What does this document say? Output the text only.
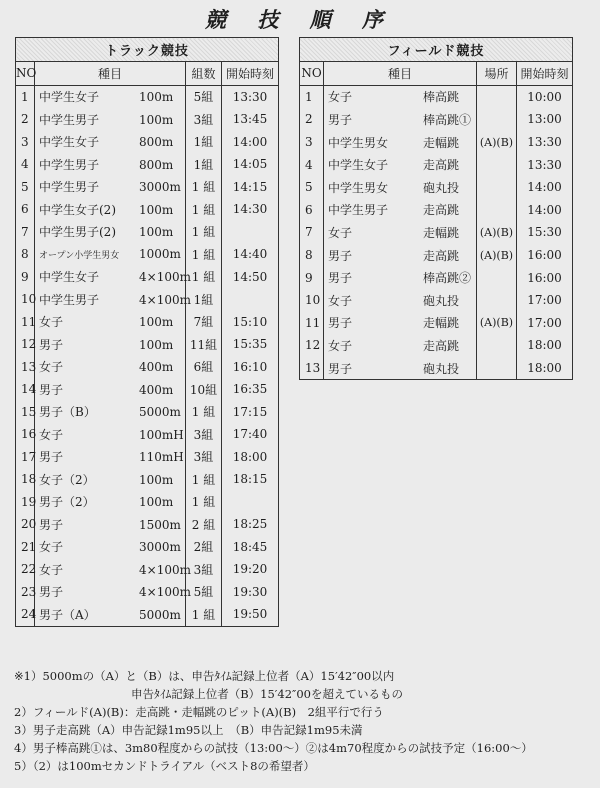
競 技 順 序
トラック競技			
NO	種目	組数	開始時刻
1	中学生女子 100m	5組	13:30
2	中学生男子 100m	3組	13:45
3	中学生女子 800m	1組	14:00
4	中学生男子 800m	1組	14:05
5	中学生男子 3000m	1 組	14:15
6	中学生女子(2) 100m	1 組	14:30
7	中学生男子(2) 100m	1 組	
8	オープン小学生男女 1000m	1 組	14:40
9	中学生女子 4×100m	1 組	14:50
10	中学生男子 4×100m	1組	
11	女子 100m	7組	15:10
12	男子 100m	11組	15:35
13	女子 400m	6組	16:10
14	男子 400m	10組	16:35
15	男子（B） 5000m	1 組	17:15
16	女子 100mH	3組	17:40
17	男子 110mH	3組	18:00
18	女子（2） 100m	1 組	18:15
19	男子（2） 100m	1 組	
20	男子 1500m	2 組	18:25
21	女子 3000m	2組	18:45
22	女子 4×100m	3組	19:20
23	男子 4×100m	5組	19:30
24	男子（A） 5000m	1 組	19:50
フィールド競技			
NO	種目	場所	開始時刻
1	女子 棒高跳		10:00
2	男子 棒高跳①		13:00
3	中学生男女 走幅跳	(A)(B)	13:30
4	中学生女子 走高跳		13:30
5	中学生男女 砲丸投		14:00
6	中学生男子 走高跳		14:00
7	女子 走幅跳	(A)(B)	15:30
8	男子 走高跳	(A)(B)	16:00
9	男子 棒高跳②		16:00
10	女子 砲丸投		17:00
11	男子 走幅跳	(A)(B)	17:00
12	女子 走高跳		18:00
13	男子 砲丸投		18:00
※1）5000mの（A）と（B）は、申告ﾀｲﾑ記録上位者（A）15′42″00以内
申告ﾀｲﾑ記録上位者（B）15′42″00を超えているもの
2）フィールド(A)(B)：走高跳・走幅跳のピット(A)(B)　2組平行で行う
3）男子走高跳（A）申告記録1m95以上　（B）申告記録1m95未満
4）男子棒高跳①は、3m80程度からの試技（13:00～）②は4m70程度からの試技予定（16:00～）
5）（2）は100mセカンドトライアル（ベスト8の希望者）
